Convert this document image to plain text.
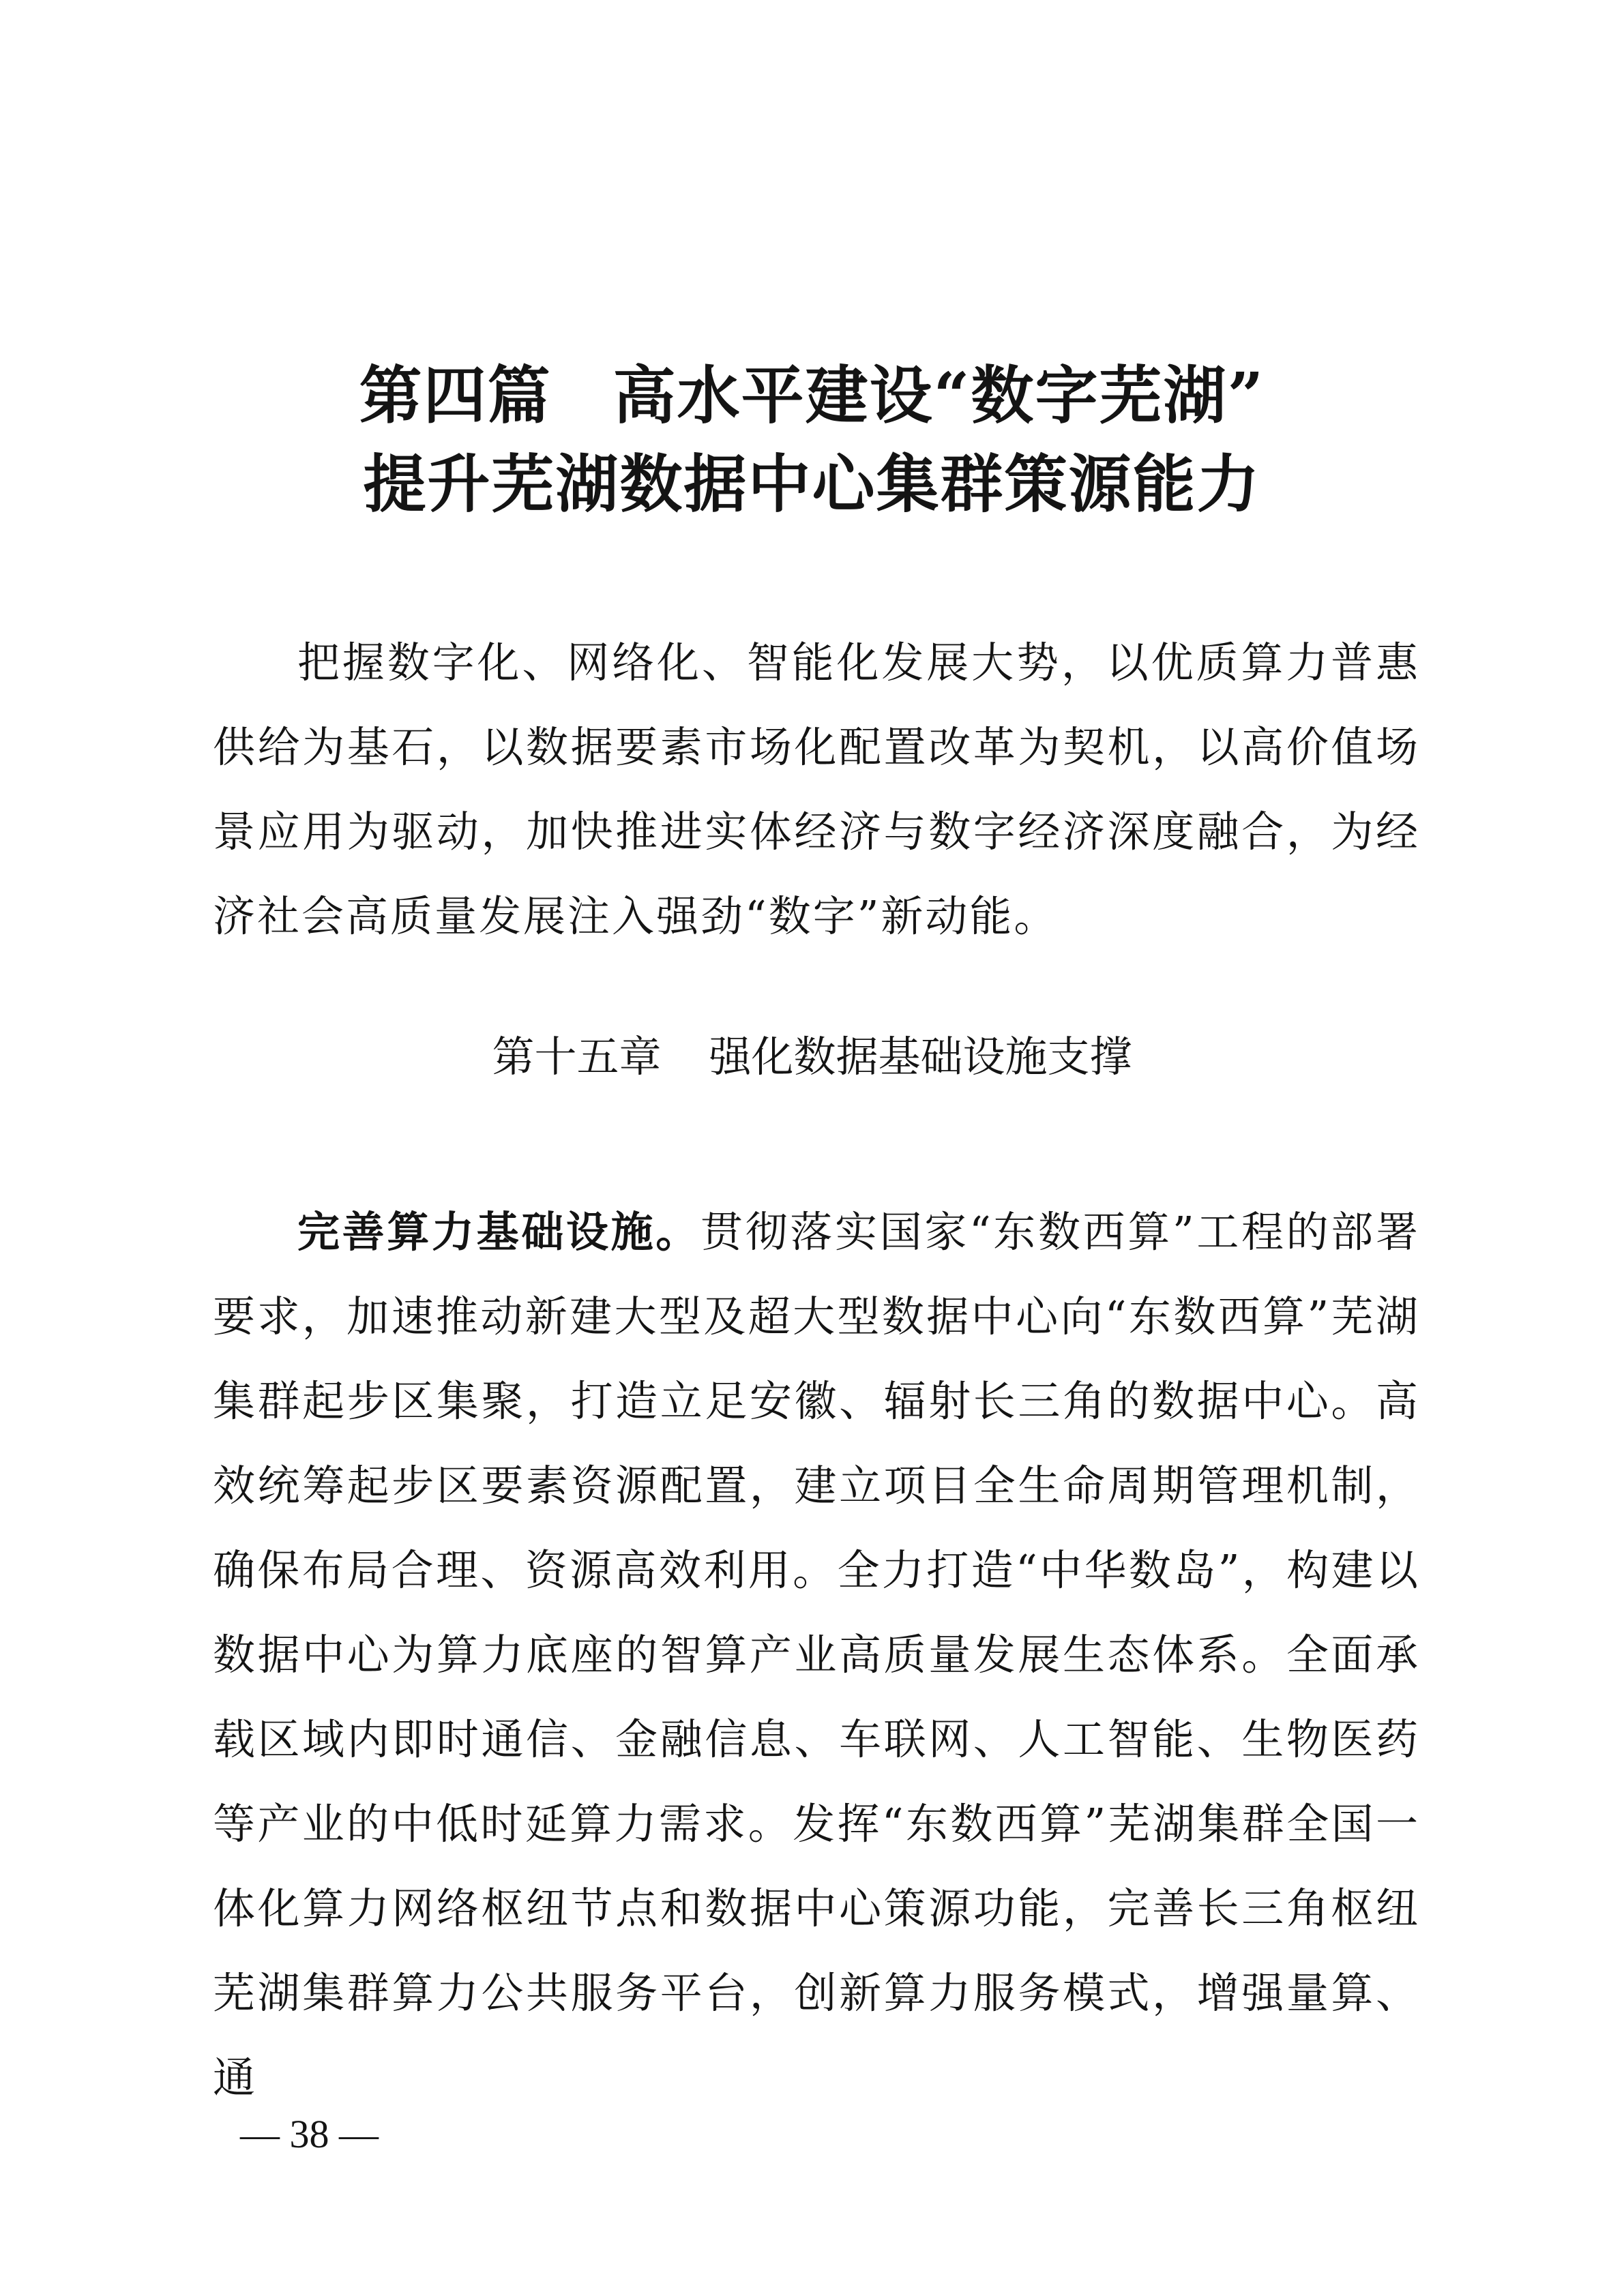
第四篇 高水平建设“数字芜湖”
提升芜湖数据中心集群策源能力

把握数字化、网络化、智能化发展大势，以优质算力普惠供给为基石，以数据要素市场化配置改革为契机，以高价值场景应用为驱动，加快推进实体经济与数字经济深度融合，为经济社会高质量发展注入强劲“数字”新动能。

第十五章 强化数据基础设施支撑

完善算力基础设施。贯彻落实国家“东数西算”工程的部署要求，加速推动新建大型及超大型数据中心向“东数西算”芜湖集群起步区集聚，打造立足安徽、辐射长三角的数据中心。高效统筹起步区要素资源配置，建立项目全生命周期管理机制，确保布局合理、资源高效利用。全力打造“中华数岛”，构建以数据中心为算力底座的智算产业高质量发展生态体系。全面承载区域内即时通信、金融信息、车联网、人工智能、生物医药等产业的中低时延算力需求。发挥“东数西算”芜湖集群全国一体化算力网络枢纽节点和数据中心策源功能，完善长三角枢纽芜湖集群算力公共服务平台，创新算力服务模式，增强量算、通

— 38 —
